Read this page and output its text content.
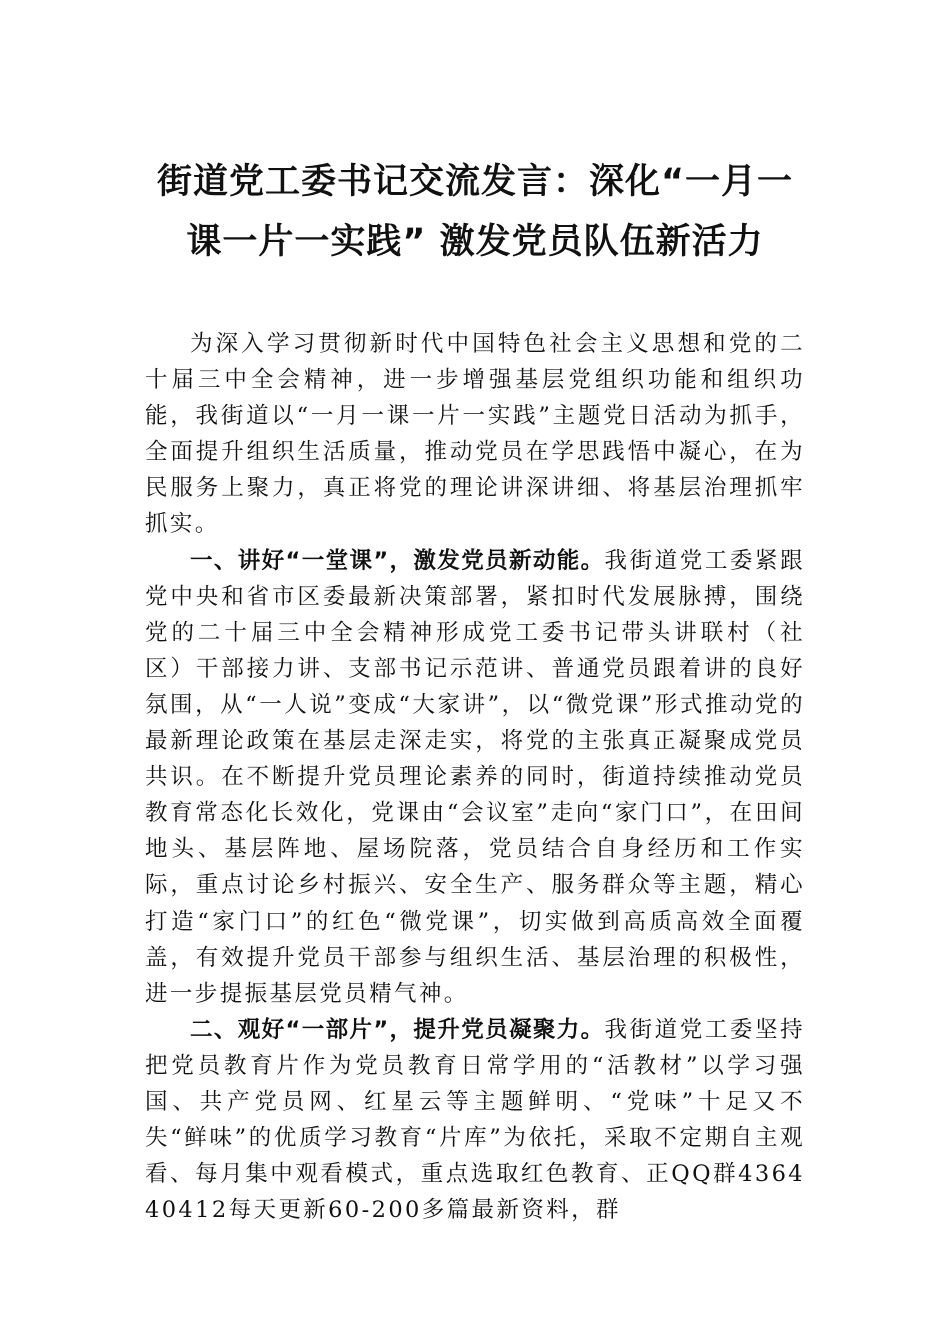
街道党工委书记交流发言：深化“一月一
课一片一实践” 激发党员队伍新活力

为深入学习贯彻新时代中国特色社会主义思想和党的二十届三中全会精神，进一步增强基层党组织功能和组织功能，我街道以“一月一课一片一实践”主题党日活动为抓手，全面提升组织生活质量，推动党员在学思践悟中凝心，在为民服务上聚力，真正将党的理论讲深讲细、将基层治理抓牢抓实。

一、讲好“一堂课”，激发党员新动能。我街道党工委紧跟党中央和省市区委最新决策部署，紧扣时代发展脉搏，围绕党的二十届三中全会精神形成党工委书记带头讲联村（社区）干部接力讲、支部书记示范讲、普通党员跟着讲的良好氛围，从“一人说”变成“大家讲”，以“微党课”形式推动党的最新理论政策在基层走深走实，将党的主张真正凝聚成党员共识。在不断提升党员理论素养的同时，街道持续推动党员教育常态化长效化，党课由“会议室”走向“家门口”，在田间地头、基层阵地、屋场院落，党员结合自身经历和工作实际，重点讨论乡村振兴、安全生产、服务群众等主题，精心打造“家门口”的红色“微党课”，切实做到高质高效全面覆盖，有效提升党员干部参与组织生活、基层治理的积极性，进一步提振基层党员精气神。

二、观好“一部片”，提升党员凝聚力。我街道党工委坚持把党员教育片作为党员教育日常学用的“活教材”以学习强国、共产党员网、红星云等主题鲜明、“党味”十足又不失“鲜味”的优质学习教育“片库”为依托，采取不定期自主观看、每月集中观看模式，重点选取红色教育、正QQ群436440412每天更新60-200多篇最新资料，群
